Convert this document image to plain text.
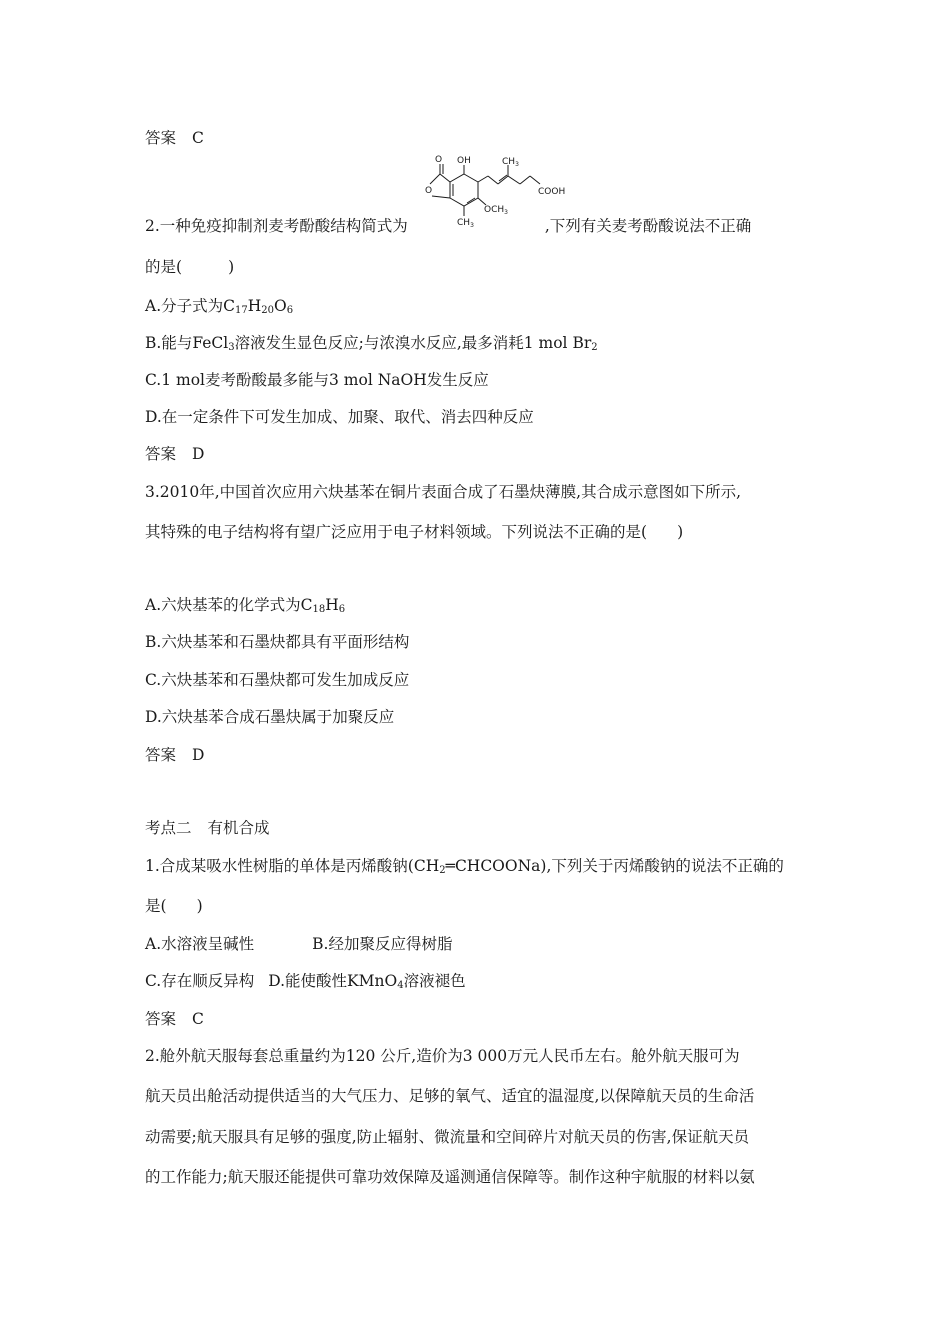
答案 C
O
O
OH	$CH_3$
$OCH_3$
$CH_3$
COOH
2.一种免疫抑制剂麦考酚酸结构简式为	,下列有关麦考酚酸说法不正确
的是(	)
A.分子式为$C_{17}H_{20}O_6$
B.能与FeCl$_3$溶液发生显色反应;与浓溴水反应,最多消耗1 mol $Br_2$
C.1 mol麦考酚酸最多能与3 mol NaOH发生反应
D.在一定条件下可发生加成、加聚、取代、消去四种反应
答案 D
3.2010年,中国首次应用六炔基苯在铜片表面合成了石墨炔薄膜,其合成示意图如下所示,
其特殊的电子结构将有望广泛应用于电子材料领域。下列说法不正确的是( )
A.六炔基苯的化学式为$C_{18}H_6$
B.六炔基苯和石墨炔都具有平面形结构
C.六炔基苯和石墨炔都可发生加成反应
D.六炔基苯合成石墨炔属于加聚反应
答案 D
考点二 有机合成
1.合成某吸水性树脂的单体是丙烯酸钠$(CH_2═CHCOONa)$,下列关于丙烯酸钠的说法不正确的
是( )
A.水溶液呈碱性	B.经加聚反应得树脂
C.存在顺反异构 D.能使酸性KMnO$_4$溶液褪色
答案 C
2.舱外航天服每套总重量约为120 公斤,造价为3 000万元人民币左右。舱外航天服可为
航天员出舱活动提供适当的大气压力、足够的氧气、适宜的温湿度,以保障航天员的生命活
动需要;航天服具有足够的强度,防止辐射、微流量和空间碎片对航天员的伤害,保证航天员
的工作能力;航天服还能提供可靠功效保障及遥测通信保障等。制作这种宇航服的材料以氨
